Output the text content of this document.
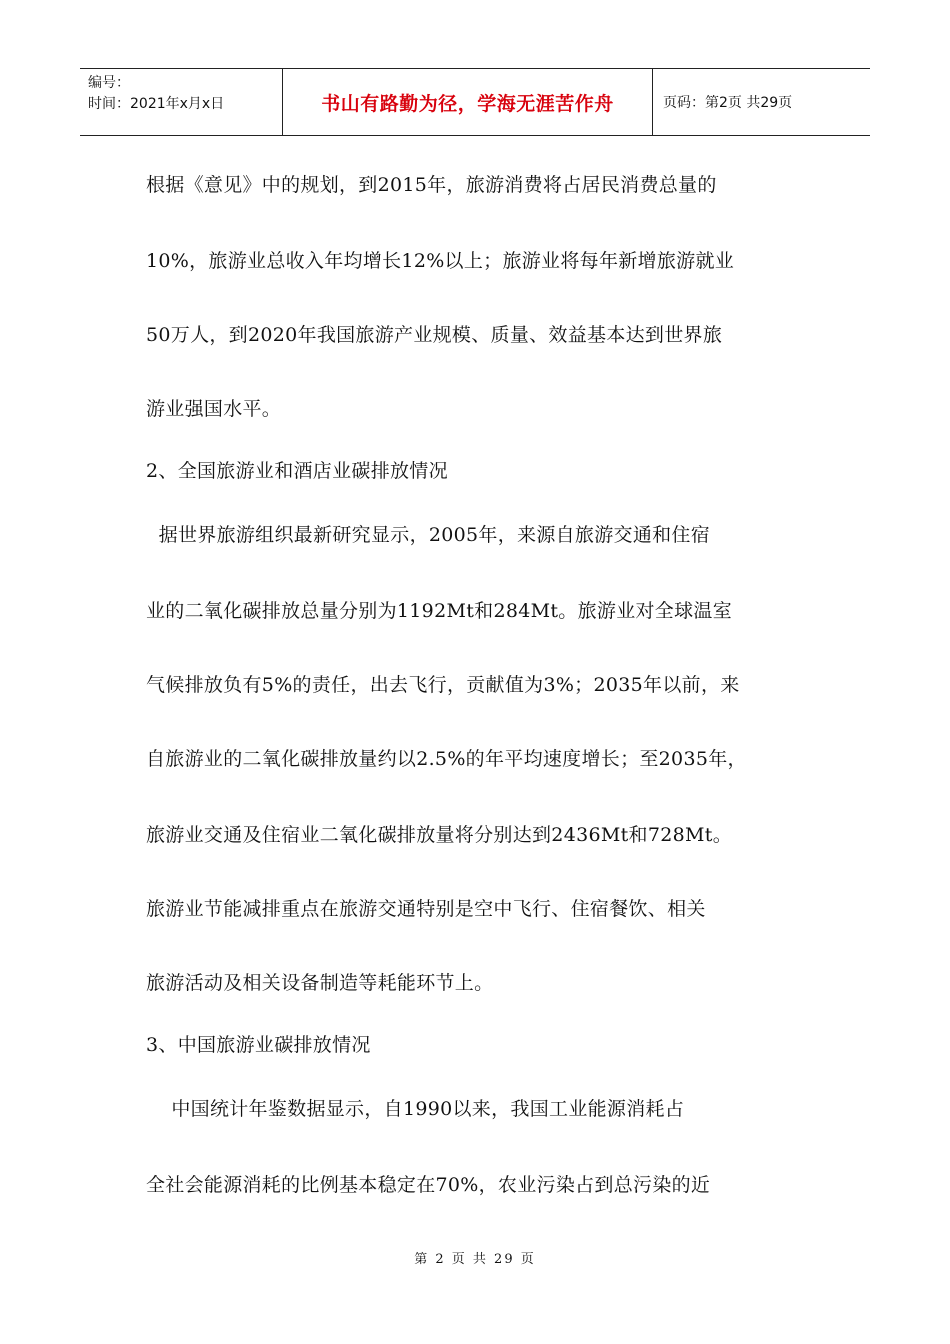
编号：
时间：2021年x月x日	书山有路勤为径，学海无涯苦作舟	页码：第2页 共29页
根据《意见》中的规划，到2015年，旅游消费将占居民消费总量的
10%，旅游业总收入年均增长12%以上；旅游业将每年新增旅游就业
50万人，到2020年我国旅游产业规模、质量、效益基本达到世界旅
游业强国水平。
2、全国旅游业和酒店业碳排放情况
据世界旅游组织最新研究显示，2005年，来源自旅游交通和住宿
业的二氧化碳排放总量分别为1192Mt和284Mt。旅游业对全球温室
气候排放负有5%的责任，出去飞行，贡献值为3%；2035年以前，来
自旅游业的二氧化碳排放量约以2.5%的年平均速度增长；至2035年，
旅游业交通及住宿业二氧化碳排放量将分别达到2436Mt和728Mt。
旅游业节能减排重点在旅游交通特别是空中飞行、住宿餐饮、相关
旅游活动及相关设备制造等耗能环节上。
3、中国旅游业碳排放情况
中国统计年鉴数据显示，自1990以来，我国工业能源消耗占
全社会能源消耗的比例基本稳定在70%，农业污染占到总污染的近
第 2 页 共 29 页
